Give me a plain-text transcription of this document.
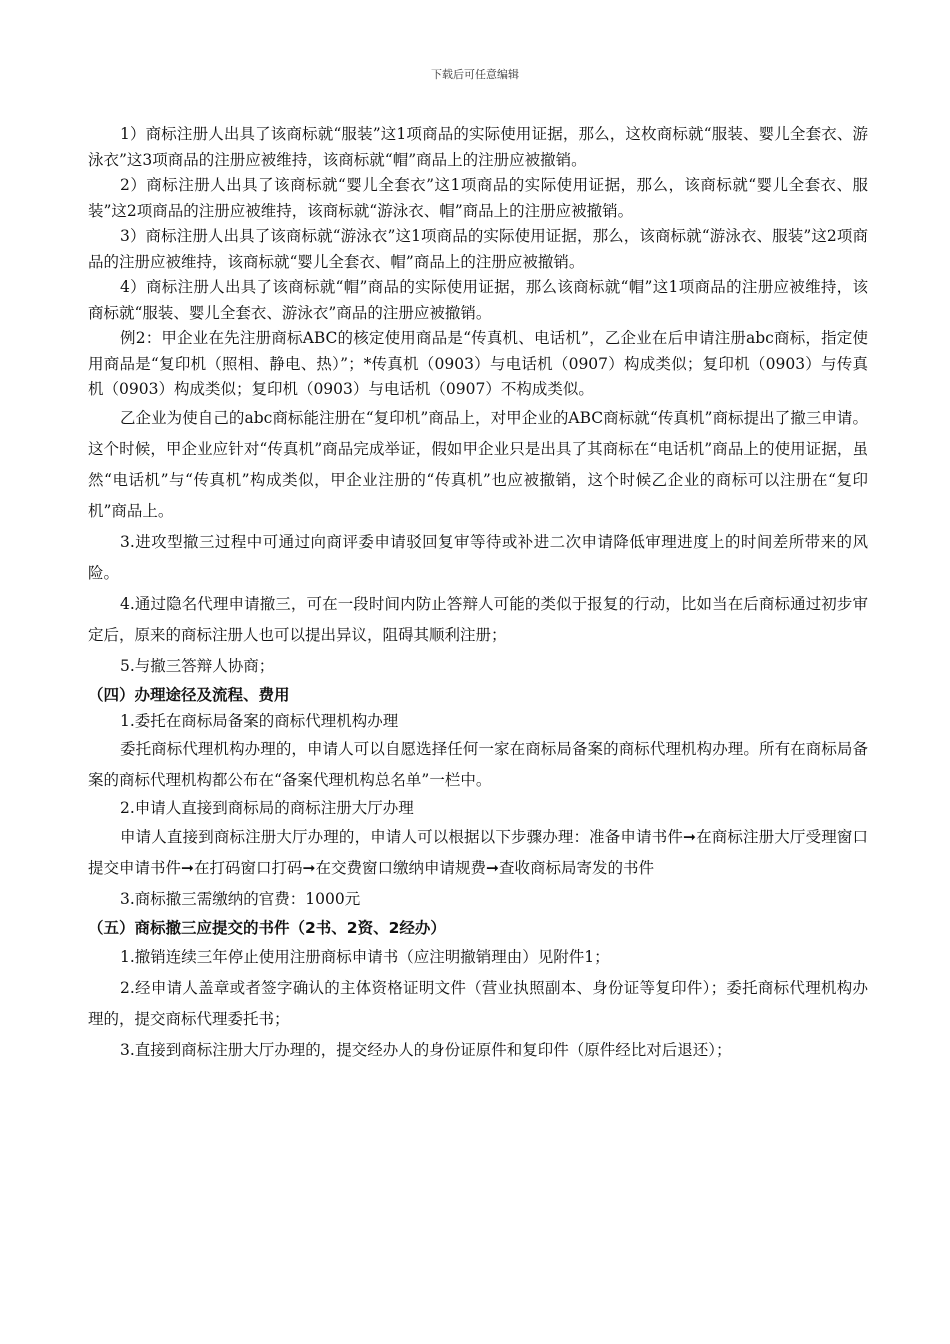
下载后可任意编辑

1）商标注册人出具了该商标就“服装”这1项商品的实际使用证据，那么，这枚商标就“服装、婴儿全套衣、游泳衣”这3项商品的注册应被维持，该商标就“帽”商品上的注册应被撤销。

2）商标注册人出具了该商标就“婴儿全套衣”这1项商品的实际使用证据，那么，该商标就“婴儿全套衣、服装”这2项商品的注册应被维持，该商标就“游泳衣、帽”商品上的注册应被撤销。

3）商标注册人出具了该商标就“游泳衣”这1项商品的实际使用证据，那么，该商标就“游泳衣、服装”这2项商品的注册应被维持，该商标就“婴儿全套衣、帽”商品上的注册应被撤销。

4）商标注册人出具了该商标就“帽”商品的实际使用证据，那么该商标就“帽”这1项商品的注册应被维持，该商标就“服装、婴儿全套衣、游泳衣”商品的注册应被撤销。

例2：甲企业在先注册商标ABC的核定使用商品是“传真机、电话机”，乙企业在后申请注册abc商标，指定使用商品是“复印机（照相、静电、热）”；*传真机（0903）与电话机（0907）构成类似；复印机（0903）与传真机（0903）构成类似；复印机（0903）与电话机（0907）不构成类似。

乙企业为使自己的abc商标能注册在“复印机”商品上，对甲企业的ABC商标就“传真机”商标提出了撤三申请。这个时候，甲企业应针对“传真机”商品完成举证，假如甲企业只是出具了其商标在“电话机”商品上的使用证据，虽然“电话机”与“传真机”构成类似，甲企业注册的“传真机”也应被撤销，这个时候乙企业的商标可以注册在“复印机”商品上。

3.进攻型撤三过程中可通过向商评委申请驳回复审等待或补进二次申请降低审理进度上的时间差所带来的风险。

4.通过隐名代理申请撤三，可在一段时间内防止答辩人可能的类似于报复的行动，比如当在后商标通过初步审定后，原来的商标注册人也可以提出异议，阻碍其顺利注册；

5.与撤三答辩人协商；

（四）办理途径及流程、费用

1.委托在商标局备案的商标代理机构办理

委托商标代理机构办理的，申请人可以自愿选择任何一家在商标局备案的商标代理机构办理。所有在商标局备案的商标代理机构都公布在“备案代理机构总名单”一栏中。

2.申请人直接到商标局的商标注册大厅办理

申请人直接到商标注册大厅办理的，申请人可以根据以下步骤办理：准备申请书件➞在商标注册大厅受理窗口提交申请书件➞在打码窗口打码➞在交费窗口缴纳申请规费➞查收商标局寄发的书件

3.商标撤三需缴纳的官费：1000元

（五）商标撤三应提交的书件（2书、2资、2经办）

1.撤销连续三年停止使用注册商标申请书（应注明撤销理由）见附件1；

2.经申请人盖章或者签字确认的主体资格证明文件（营业执照副本、身份证等复印件）；委托商标代理机构办理的，提交商标代理委托书；

3.直接到商标注册大厅办理的，提交经办人的身份证原件和复印件（原件经比对后退还）；
